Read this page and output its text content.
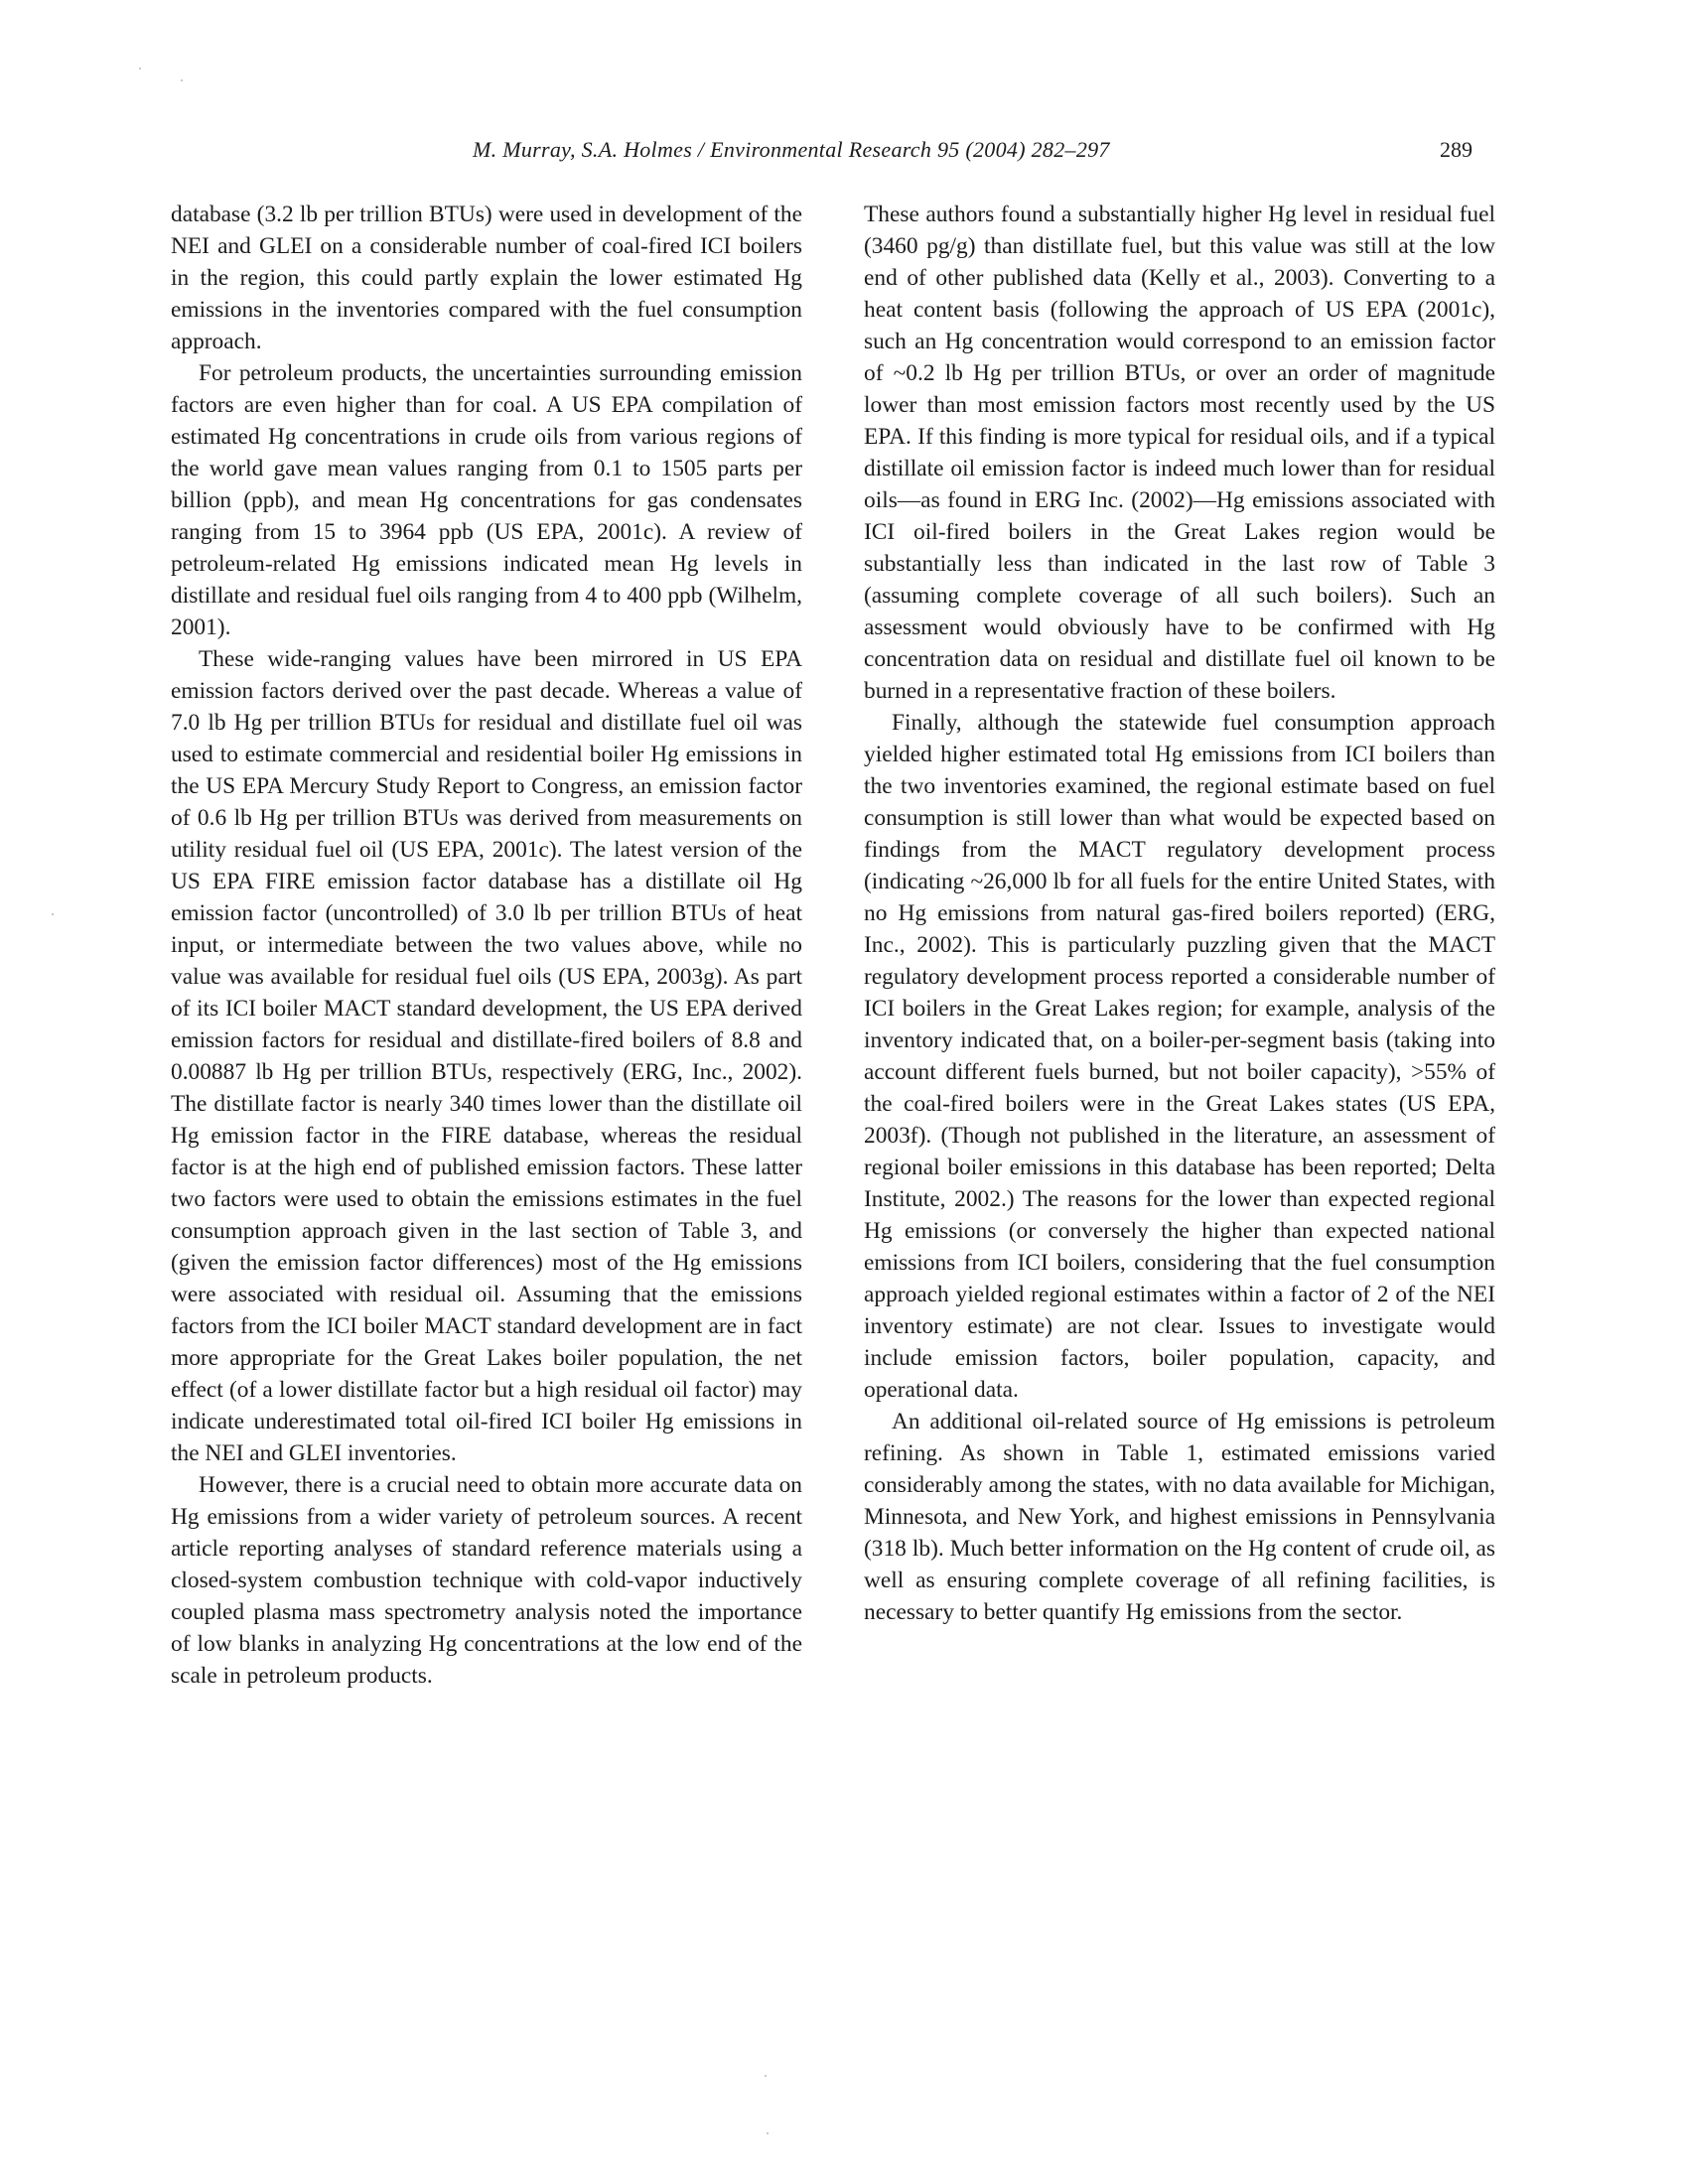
M. Murray, S.A. Holmes / Environmental Research 95 (2004) 282–297	289

database (3.2 lb per trillion BTUs) were used in development of the NEI and GLEI on a considerable number of coal-fired ICI boilers in the region, this could partly explain the lower estimated Hg emissions in the inventories compared with the fuel consumption approach.

For petroleum products, the uncertainties surrounding emission factors are even higher than for coal. A US EPA compilation of estimated Hg concentrations in crude oils from various regions of the world gave mean values ranging from 0.1 to 1505 parts per billion (ppb), and mean Hg concentrations for gas condensates ranging from 15 to 3964 ppb (US EPA, 2001c). A review of petroleum-related Hg emissions indicated mean Hg levels in distillate and residual fuel oils ranging from 4 to 400 ppb (Wilhelm, 2001).

These wide-ranging values have been mirrored in US EPA emission factors derived over the past decade. Whereas a value of 7.0 lb Hg per trillion BTUs for residual and distillate fuel oil was used to estimate commercial and residential boiler Hg emissions in the US EPA Mercury Study Report to Congress, an emission factor of 0.6 lb Hg per trillion BTUs was derived from measurements on utility residual fuel oil (US EPA, 2001c). The latest version of the US EPA FIRE emission factor database has a distillate oil Hg emission factor (uncontrolled) of 3.0 lb per trillion BTUs of heat input, or intermediate between the two values above, while no value was available for residual fuel oils (US EPA, 2003g). As part of its ICI boiler MACT standard development, the US EPA derived emission factors for residual and distillate-fired boilers of 8.8 and 0.00887 lb Hg per trillion BTUs, respectively (ERG, Inc., 2002). The distillate factor is nearly 340 times lower than the distillate oil Hg emission factor in the FIRE database, whereas the residual factor is at the high end of published emission factors. These latter two factors were used to obtain the emissions estimates in the fuel consumption approach given in the last section of Table 3, and (given the emission factor differences) most of the Hg emissions were associated with residual oil. Assuming that the emissions factors from the ICI boiler MACT standard development are in fact more appropriate for the Great Lakes boiler population, the net effect (of a lower distillate factor but a high residual oil factor) may indicate underestimated total oil-fired ICI boiler Hg emissions in the NEI and GLEI inventories.

However, there is a crucial need to obtain more accurate data on Hg emissions from a wider variety of petroleum sources. A recent article reporting analyses of standard reference materials using a closed-system combustion technique with cold-vapor inductively coupled plasma mass spectrometry analysis noted the importance of low blanks in analyzing Hg concentrations at the low end of the scale in petroleum products.

These authors found a substantially higher Hg level in residual fuel (3460 pg/g) than distillate fuel, but this value was still at the low end of other published data (Kelly et al., 2003). Converting to a heat content basis (following the approach of US EPA (2001c), such an Hg concentration would correspond to an emission factor of ~0.2 lb Hg per trillion BTUs, or over an order of magnitude lower than most emission factors most recently used by the US EPA. If this finding is more typical for residual oils, and if a typical distillate oil emission factor is indeed much lower than for residual oils—as found in ERG Inc. (2002)—Hg emissions associated with ICI oil-fired boilers in the Great Lakes region would be substantially less than indicated in the last row of Table 3 (assuming complete coverage of all such boilers). Such an assessment would obviously have to be confirmed with Hg concentration data on residual and distillate fuel oil known to be burned in a representative fraction of these boilers.

Finally, although the statewide fuel consumption approach yielded higher estimated total Hg emissions from ICI boilers than the two inventories examined, the regional estimate based on fuel consumption is still lower than what would be expected based on findings from the MACT regulatory development process (indicating ~26,000 lb for all fuels for the entire United States, with no Hg emissions from natural gas-fired boilers reported) (ERG, Inc., 2002). This is particularly puzzling given that the MACT regulatory development process reported a considerable number of ICI boilers in the Great Lakes region; for example, analysis of the inventory indicated that, on a boiler-per-segment basis (taking into account different fuels burned, but not boiler capacity), >55% of the coal-fired boilers were in the Great Lakes states (US EPA, 2003f). (Though not published in the literature, an assessment of regional boiler emissions in this database has been reported; Delta Institute, 2002.) The reasons for the lower than expected regional Hg emissions (or conversely the higher than expected national emissions from ICI boilers, considering that the fuel consumption approach yielded regional estimates within a factor of 2 of the NEI inventory estimate) are not clear. Issues to investigate would include emission factors, boiler population, capacity, and operational data.

An additional oil-related source of Hg emissions is petroleum refining. As shown in Table 1, estimated emissions varied considerably among the states, with no data available for Michigan, Minnesota, and New York, and highest emissions in Pennsylvania (318 lb). Much better information on the Hg content of crude oil, as well as ensuring complete coverage of all refining facilities, is necessary to better quantify Hg emissions from the sector.
